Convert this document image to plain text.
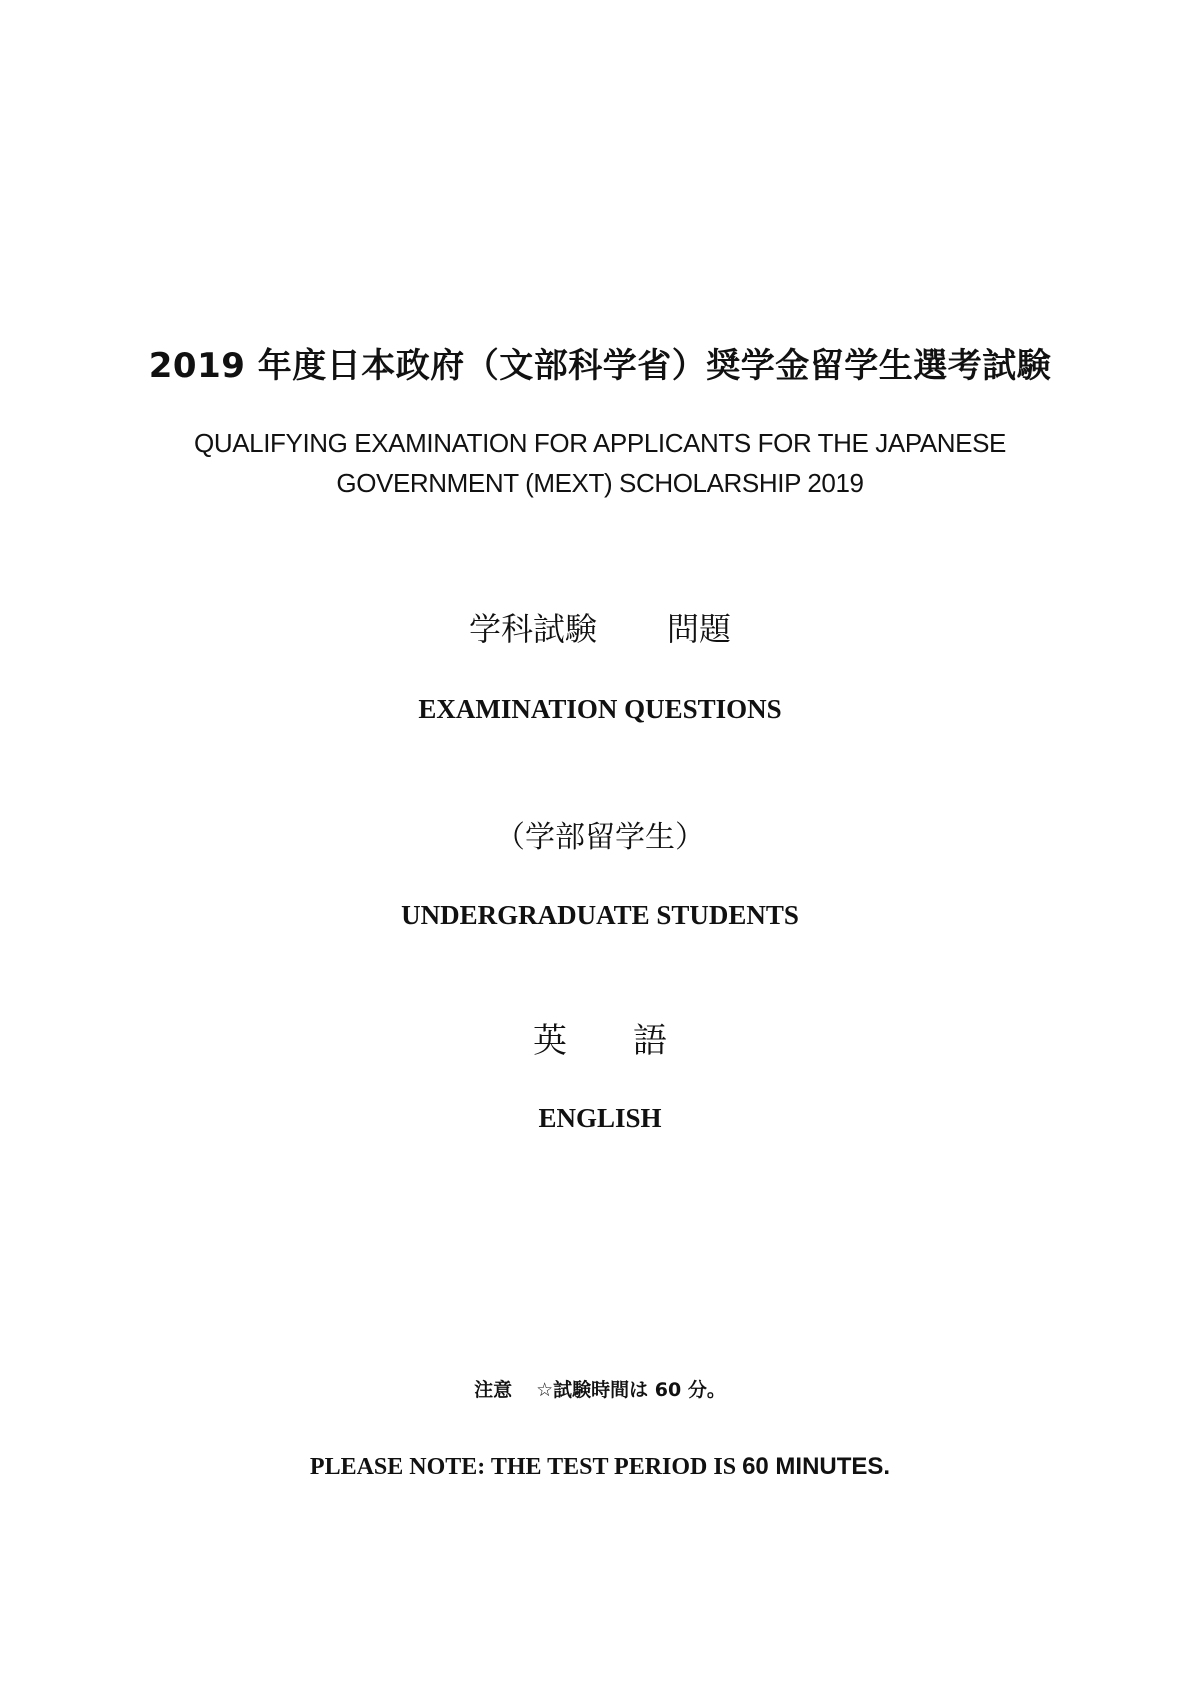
2019 年度日本政府（文部科学省）奨学金留学生選考試験
QUALIFYING EXAMINATION FOR APPLICANTS FOR THE JAPANESE
GOVERNMENT (MEXT) SCHOLARSHIP 2019
学科試験 問題
EXAMINATION QUESTIONS
（学部留学生）
UNDERGRADUATE STUDENTS
英 語
ENGLISH
注意 ☆試験時間は 60 分。
PLEASE NOTE: THE TEST PERIOD IS 60 MINUTES.
